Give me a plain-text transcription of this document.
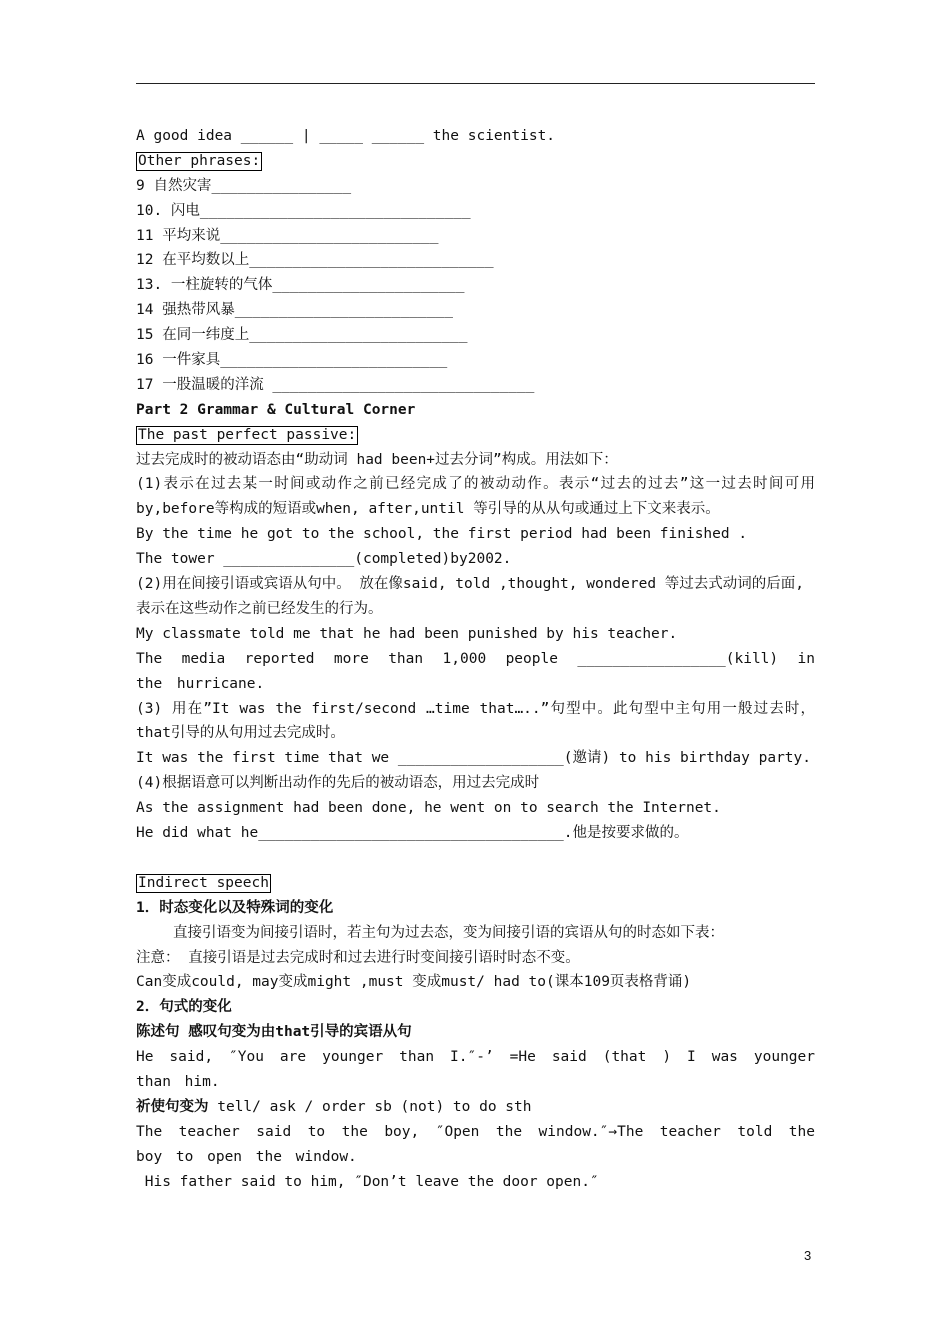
A good idea ______ | _____ ______ the scientist.
Other phrases:
9 自然灾害________________
10. 闪电_______________________________
11 平均来说_________________________
12 在平均数以上____________________________
13. 一柱旋转的气体______________________
14 强热带风暴_________________________
15 在同一纬度上_________________________
16 一件家具__________________________
17 一股温暖的洋流 ______________________________
Part 2 Grammar & Cultural Corner
The past perfect passive:
过去完成时的被动语态由“助动词 had been+过去分词”构成。用法如下：
(1)表示在过去某一时间或动作之前已经完成了的被动动作。表示“过去的过去”这一过去时间可用by,before等构成的短语或when, after,until 等引导的从从句或通过上下文来表示。
By the time he got to the school, the first period had been finished .
The tower _______________(completed)by2002.
(2)用在间接引语或宾语从句中。 放在像said, told ,thought, wondered 等过去式动词的后面,
表示在这些动作之前已经发生的行为。
My classmate told me that he had been punished by his teacher.
The media reported more than 1,000 people _________________(kill) in the hurricane.
(3) 用在”It was the first/second …time that…..”句型中。此句型中主句用一般过去时，that引导的从句用过去完成时。
It was the first time that we ___________________(邀请) to his birthday party.
(4)根据语意可以判断出动作的先后的被动语态，用过去完成时
As the assignment had been done, he went on to search the Internet.
He did what he___________________________________.他是按要求做的。
Indirect speech
1．时态变化以及特殊词的变化
直接引语变为间接引语时，若主句为过去态，变为间接引语的宾语从句的时态如下表：
注意： 直接引语是过去完成时和过去进行时变间接引语时时态不变。
Can变成could, may变成might ,must 变成must/ had to(课本109页表格背诵)
2．句式的变化
陈述句 感叹句变为由that引导的宾语从句
He said, ″You are younger than I.″-’ =He said (that ) I was younger than him.
祈使句变为 tell/ ask / order sb (not) to do sth
The teacher said to the boy, ″Open the window.″→The teacher told the boy to open the window.
His father said to him, ″Don’t leave the door open.″
3
